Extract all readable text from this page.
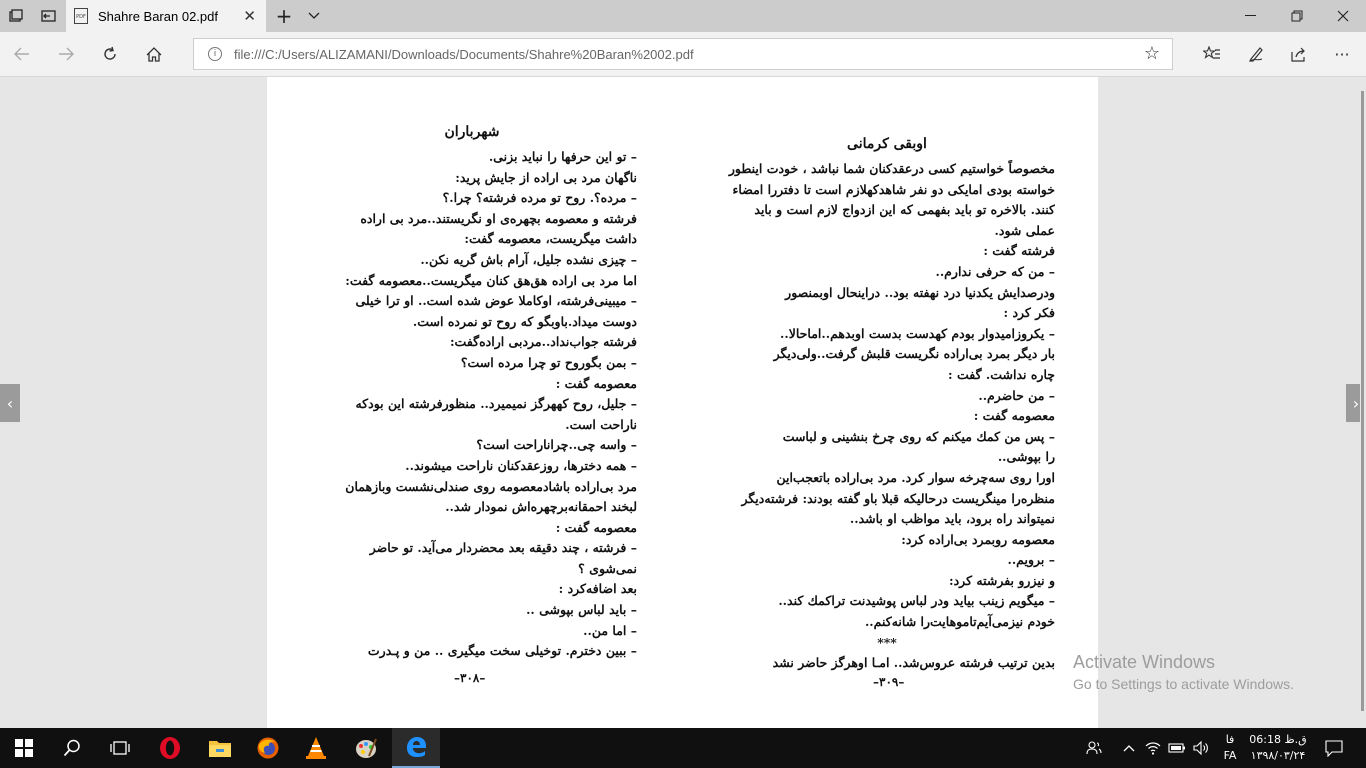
PDF Shahre Baran 02.pdf	✕ +
i	file:///C:/Users/ALIZAMANI/Downloads/Documents/Shahre%20Baran%2002.pdf	☆	···
اوبقی کرمانی
مخصوصاً خواستیم کسی درعقدکنان شما نباشد ، خودت اینطور
خواسته بودی امایکی دو نفر شاهدکهلازم است تا دفتررا امضاء
کنند. بالاخره تو باید بفهمی که این ازدواج لازم است و باید
عملی شود.
فرشته گفت :
– من که حرفی ندارم..
ودرصدایش یکدنیا درد نهفته بود.. دراینحال اوبمنصور
فکر کرد :
– یکروزامیدوار بودم کهدست بدست اوبدهم..اماحالا..
بار دیگر بمرد بی‌اراده نگریست قلبش گرفت..ولی‌دیگر
چاره نداشت. گفت :
– من حاضرم..
معصومه گفت :
– پس من کمك میکنم که روی چرخ بنشینی و لباست
را بپوشی..
اورا روی سه‌چرخه سوار کرد. مرد بی‌اراده باتعجب‌این
منظره‌را مینگریست درحالیکه قبلا باو گفته بودند: فرشته‌دیگر
نمیتواند راه برود، باید مواظب او باشد..
معصومه روبمرد بی‌اراده کرد:
– برویم..
و نیزرو بفرشته کرد:
– میگویم زینب بیاید ودر لباس پوشیدنت تراکمك کند..
خودم نیزمی‌آیم‌تاموهایت‌را شانه‌کنم..
***
بدین ترتیب فرشته عروس‌شد.. امـا اوهرگز حاضر نشد
–۳۰۹–
شهرباران
– تو این حرفها را نباید بزنی.
ناگهان مرد بی اراده از جایش پرید:
– مرده؟. روح تو مرده فرشته؟ چرا.؟
فرشته و معصومه بچهره‌ی او نگریستند..مرد بی اراده
داشت میگریست، معصومه گفت:
– چیزی نشده جلیل، آرام باش گریه نکن..
اما مرد بی اراده هق‌هق کنان میگریست..معصومه گفت:
– میبینی‌فرشته، اوکاملا عوض شده است.. او ترا خیلی
دوست میداد.باوبگو که روح تو نمرده است.
فرشته جواب‌نداد..مردبی اراده‌گفت:
– بمن بگوروح تو چرا مرده است؟
معصومه گفت :
– جلیل، روح کههرگز نمیمیرد.. منظورفرشته این بودکه
ناراحت است.
– واسه چی..چراناراحت است؟
– همه دخترها، روزعقدکنان ناراحت میشوند..
مرد بی‌اراده باشادمعصومه روی صندلی‌نشست وبازهمان
لبخند احمقانه‌برچهره‌اش نمودار شد..
معصومه گفت :
– فرشته ، چند دقیقه بعد محضردار می‌آید. تو حاضر
نمی‌شوی ؟
بعد اضافه‌کرد :
– باید لباس بپوشی ..
– اما من..
– ببین دخترم. توخیلی سخت میگیری .. من و پـدرت
–۳۰۸–
‹	›
Activate Windows
Go to Settings to activate Windows.
فا
FA
06:18 ق.ظ
۱۳۹۸/۰۳/۲۴
